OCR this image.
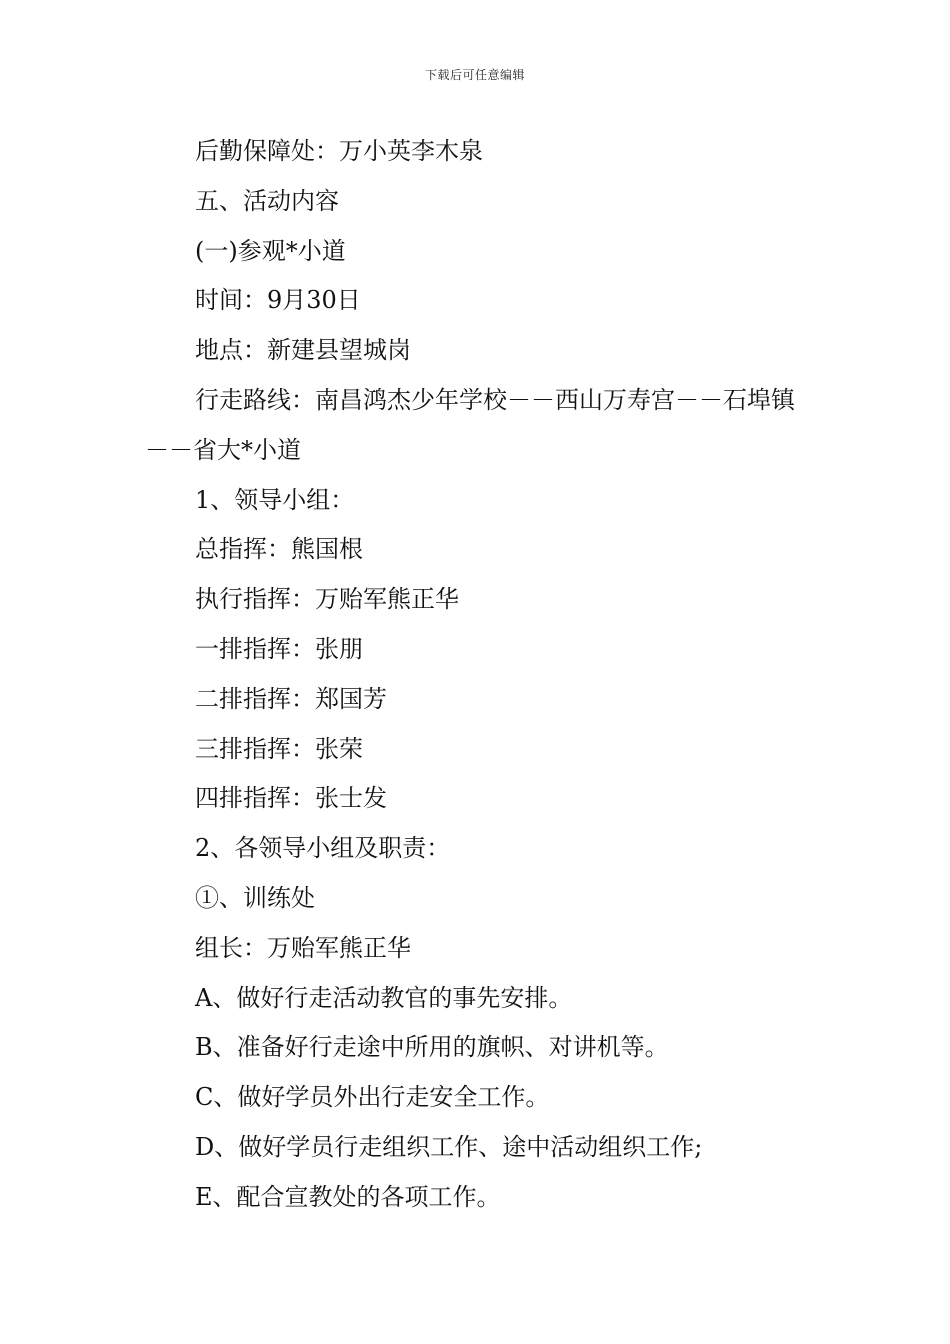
下载后可任意编辑

后勤保障处：万小英李木泉

五、活动内容

(一)参观*小道

时间：9月30日

地点：新建县望城岗

行走路线：南昌鸿杰少年学校－－西山万寿宫－－石埠镇－－省大*小道

1、领导小组：

总指挥：熊国根

执行指挥：万贻军熊正华

一排指挥：张朋

二排指挥：郑国芳

三排指挥：张荣

四排指挥：张士发

2、各领导小组及职责：

①、训练处

组长：万贻军熊正华

A、做好行走活动教官的事先安排。

B、准备好行走途中所用的旗帜、对讲机等。

C、做好学员外出行走安全工作。

D、做好学员行走组织工作、途中活动组织工作;

E、配合宣教处的各项工作。
